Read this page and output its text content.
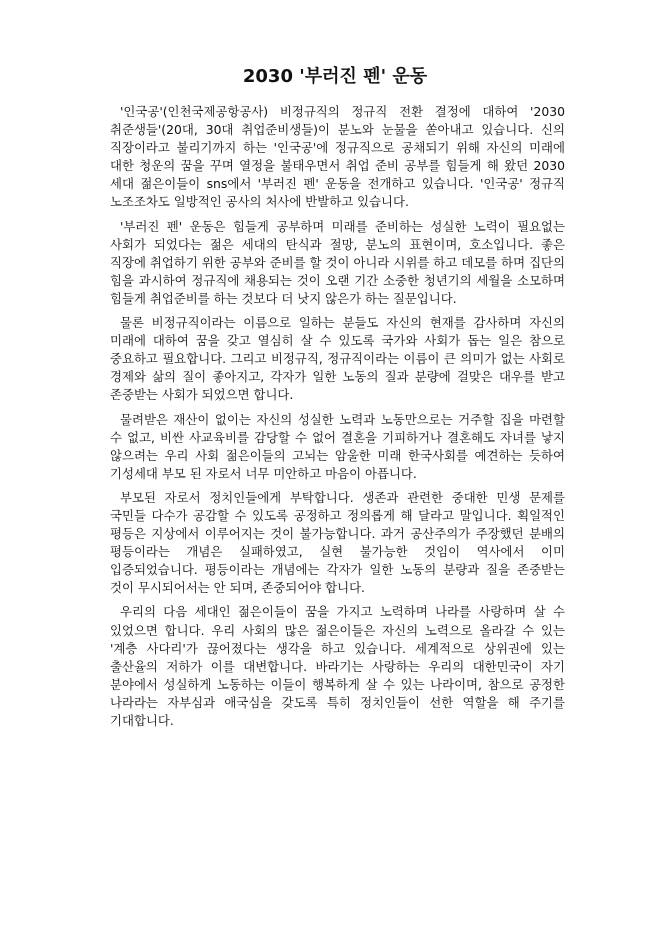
2030 '부러진 펜' 운동

'인국공'(인천국제공항공사) 비정규직의 정규직 전환 결정에 대하여 '2030 취준생들'(20대, 30대 취업준비생들)이 분노와 눈물을 쏟아내고 있습니다. 신의 직장이라고 불리기까지 하는 '인국공'에 정규직으로 공채되기 위해 자신의 미래에 대한 청운의 꿈을 꾸며 열정을 불태우면서 취업 준비 공부를 힘들게 해 왔던 2030 세대 젊은이들이 sns에서 '부러진 펜' 운동을 전개하고 있습니다. '인국공' 정규직 노조조차도 일방적인 공사의 처사에 반발하고 있습니다.

'부러진 펜' 운동은 힘들게 공부하며 미래를 준비하는 성실한 노력이 필요없는 사회가 되었다는 젊은 세대의 탄식과 절망, 분노의 표현이며, 호소입니다. 좋은 직장에 취업하기 위한 공부와 준비를 할 것이 아니라 시위를 하고 데모를 하며 집단의 힘을 과시하여 정규직에 채용되는 것이 오랜 기간 소중한 청년기의 세월을 소모하며 힘들게 취업준비를 하는 것보다 더 낫지 않은가 하는 질문입니다.

물론 비정규직이라는 이름으로 일하는 분들도 자신의 현재를 감사하며 자신의 미래에 대하여 꿈을 갖고 열심히 살 수 있도록 국가와 사회가 돕는 일은 참으로 중요하고 필요합니다. 그리고 비정규직, 정규직이라는 이름이 큰 의미가 없는 사회로 경제와 삶의 질이 좋아지고, 각자가 일한 노동의 질과 분량에 걸맞은 대우를 받고 존중받는 사회가 되었으면 합니다.

물려받은 재산이 없이는 자신의 성실한 노력과 노동만으로는 거주할 집을 마련할 수 없고, 비싼 사교육비를 감당할 수 없어 결혼을 기피하거나 결혼해도 자녀를 낳지 않으려는 우리 사회 젊은이들의 고뇌는 암울한 미래 한국사회를 예견하는 듯하여 기성세대 부모 된 자로서 너무 미안하고 마음이 아픕니다.

부모된 자로서 정치인들에게 부탁합니다. 생존과 관련한 중대한 민생 문제를 국민들 다수가 공감할 수 있도록 공정하고 정의롭게 해 달라고 말입니다. 획일적인 평등은 지상에서 이루어지는 것이 불가능합니다. 과거 공산주의가 주장했던 분배의 평등이라는 개념은 실패하였고, 실현 불가능한 것임이 역사에서 이미 입증되었습니다. 평등이라는 개념에는 각자가 일한 노동의 분량과 질을 존중받는 것이 무시되어서는 안 되며, 존중되어야 합니다.

우리의 다음 세대인 젊은이들이 꿈을 가지고 노력하며 나라를 사랑하며 살 수 있었으면 합니다. 우리 사회의 많은 젊은이들은 자신의 노력으로 올라갈 수 있는 '계층 사다리'가 끊어졌다는 생각을 하고 있습니다. 세계적으로 상위권에 있는 출산율의 저하가 이를 대변합니다. 바라기는 사랑하는 우리의 대한민국이 자기 분야에서 성실하게 노동하는 이들이 행복하게 살 수 있는 나라이며, 참으로 공정한 나라라는 자부심과 애국심을 갖도록 특히 정치인들이 선한 역할을 해 주기를 기대합니다.
